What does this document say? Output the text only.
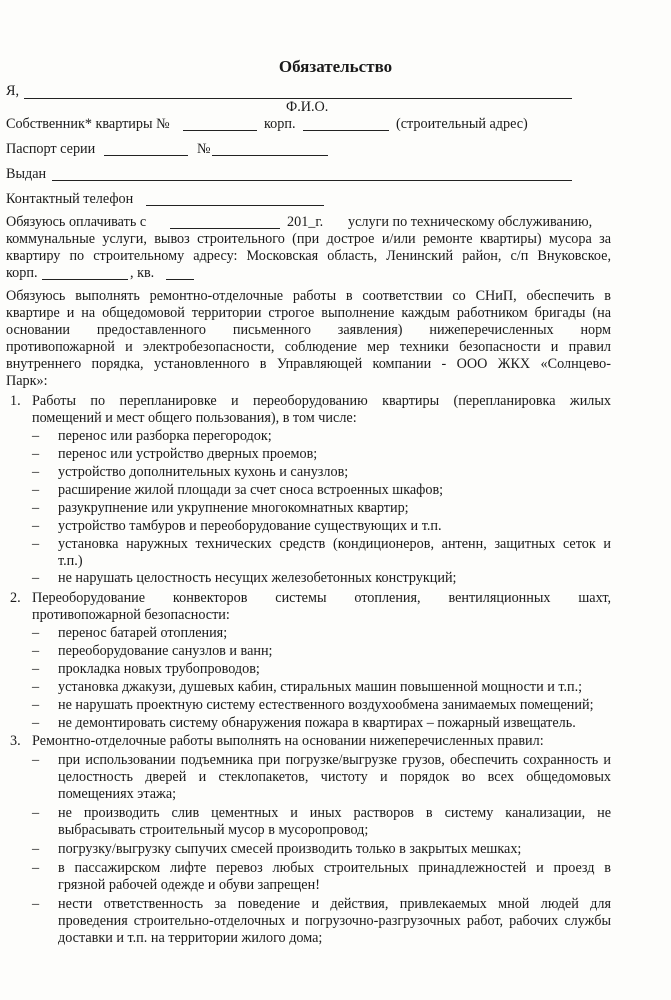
Обязательство
Я,
Ф.И.О.
Собственник* квартиры №	корп.	(строительный адрес)
Паспорт серии	№
Выдан
Контактный телефон
Обязуюсь оплачивать с	201_г. услуги по техническому обслуживанию,
коммунальные услуги, вывоз строительного (при дострое и/или ремонте квартиры) мусора за
квартиру по строительному адресу: Московская область, Ленинский район, с/п Внуковское,
корп.	, кв.
Обязуюсь выполнять ремонтно-отделочные работы в соответствии со СНиП, обеспечить в
квартире и на общедомовой территории строгое выполнение каждым работником бригады (на
основании предоставленного письменного заявления) нижеперечисленных норм
противопожарной и электробезопасности, соблюдение мер техники безопасности и правил
внутреннего порядка, установленного в Управляющей компании - ООО ЖКХ «Солнцево-
Парк»:
1. Работы по перепланировке и переоборудованию квартиры (перепланировка жилых
помещений и мест общего пользования), в том числе:
– перенос или разборка перегородок;
– перенос или устройство дверных проемов;
– устройство дополнительных кухонь и санузлов;
– расширение жилой площади за счет сноса встроенных шкафов;
– разукрупнение или укрупнение многокомнатных квартир;
– устройство тамбуров и переоборудование существующих и т.п.
– установка наружных технических средств (кондиционеров, антенн, защитных сеток и
т.п.)
– не нарушать целостность несущих железобетонных конструкций;
2. Переоборудование конвекторов системы отопления, вентиляционных шахт,
противопожарной безопасности:
– перенос батарей отопления;
– переоборудование санузлов и ванн;
– прокладка новых трубопроводов;
– установка джакузи, душевых кабин, стиральных машин повышенной мощности и т.п.;
– не нарушать проектную систему естественного воздухообмена занимаемых помещений;
– не демонтировать систему обнаружения пожара в квартирах – пожарный извещатель.
3. Ремонтно-отделочные работы выполнять на основании нижеперечисленных правил:
– при использовании подъемника при погрузке/выгрузке грузов, обеспечить сохранность и
целостность дверей и стеклопакетов, чистоту и порядок во всех общедомовых
помещениях этажа;
– не производить слив цементных и иных растворов в систему канализации, не
выбрасывать строительный мусор в мусоропровод;
– погрузку/выгрузку сыпучих смесей производить только в закрытых мешках;
– в пассажирском лифте перевоз любых строительных принадлежностей и проезд в
грязной рабочей одежде и обуви запрещен!
– нести ответственность за поведение и действия, привлекаемых мной людей для
проведения строительно-отделочных и погрузочно-разгрузочных работ, рабочих службы
доставки и т.п. на территории жилого дома;
